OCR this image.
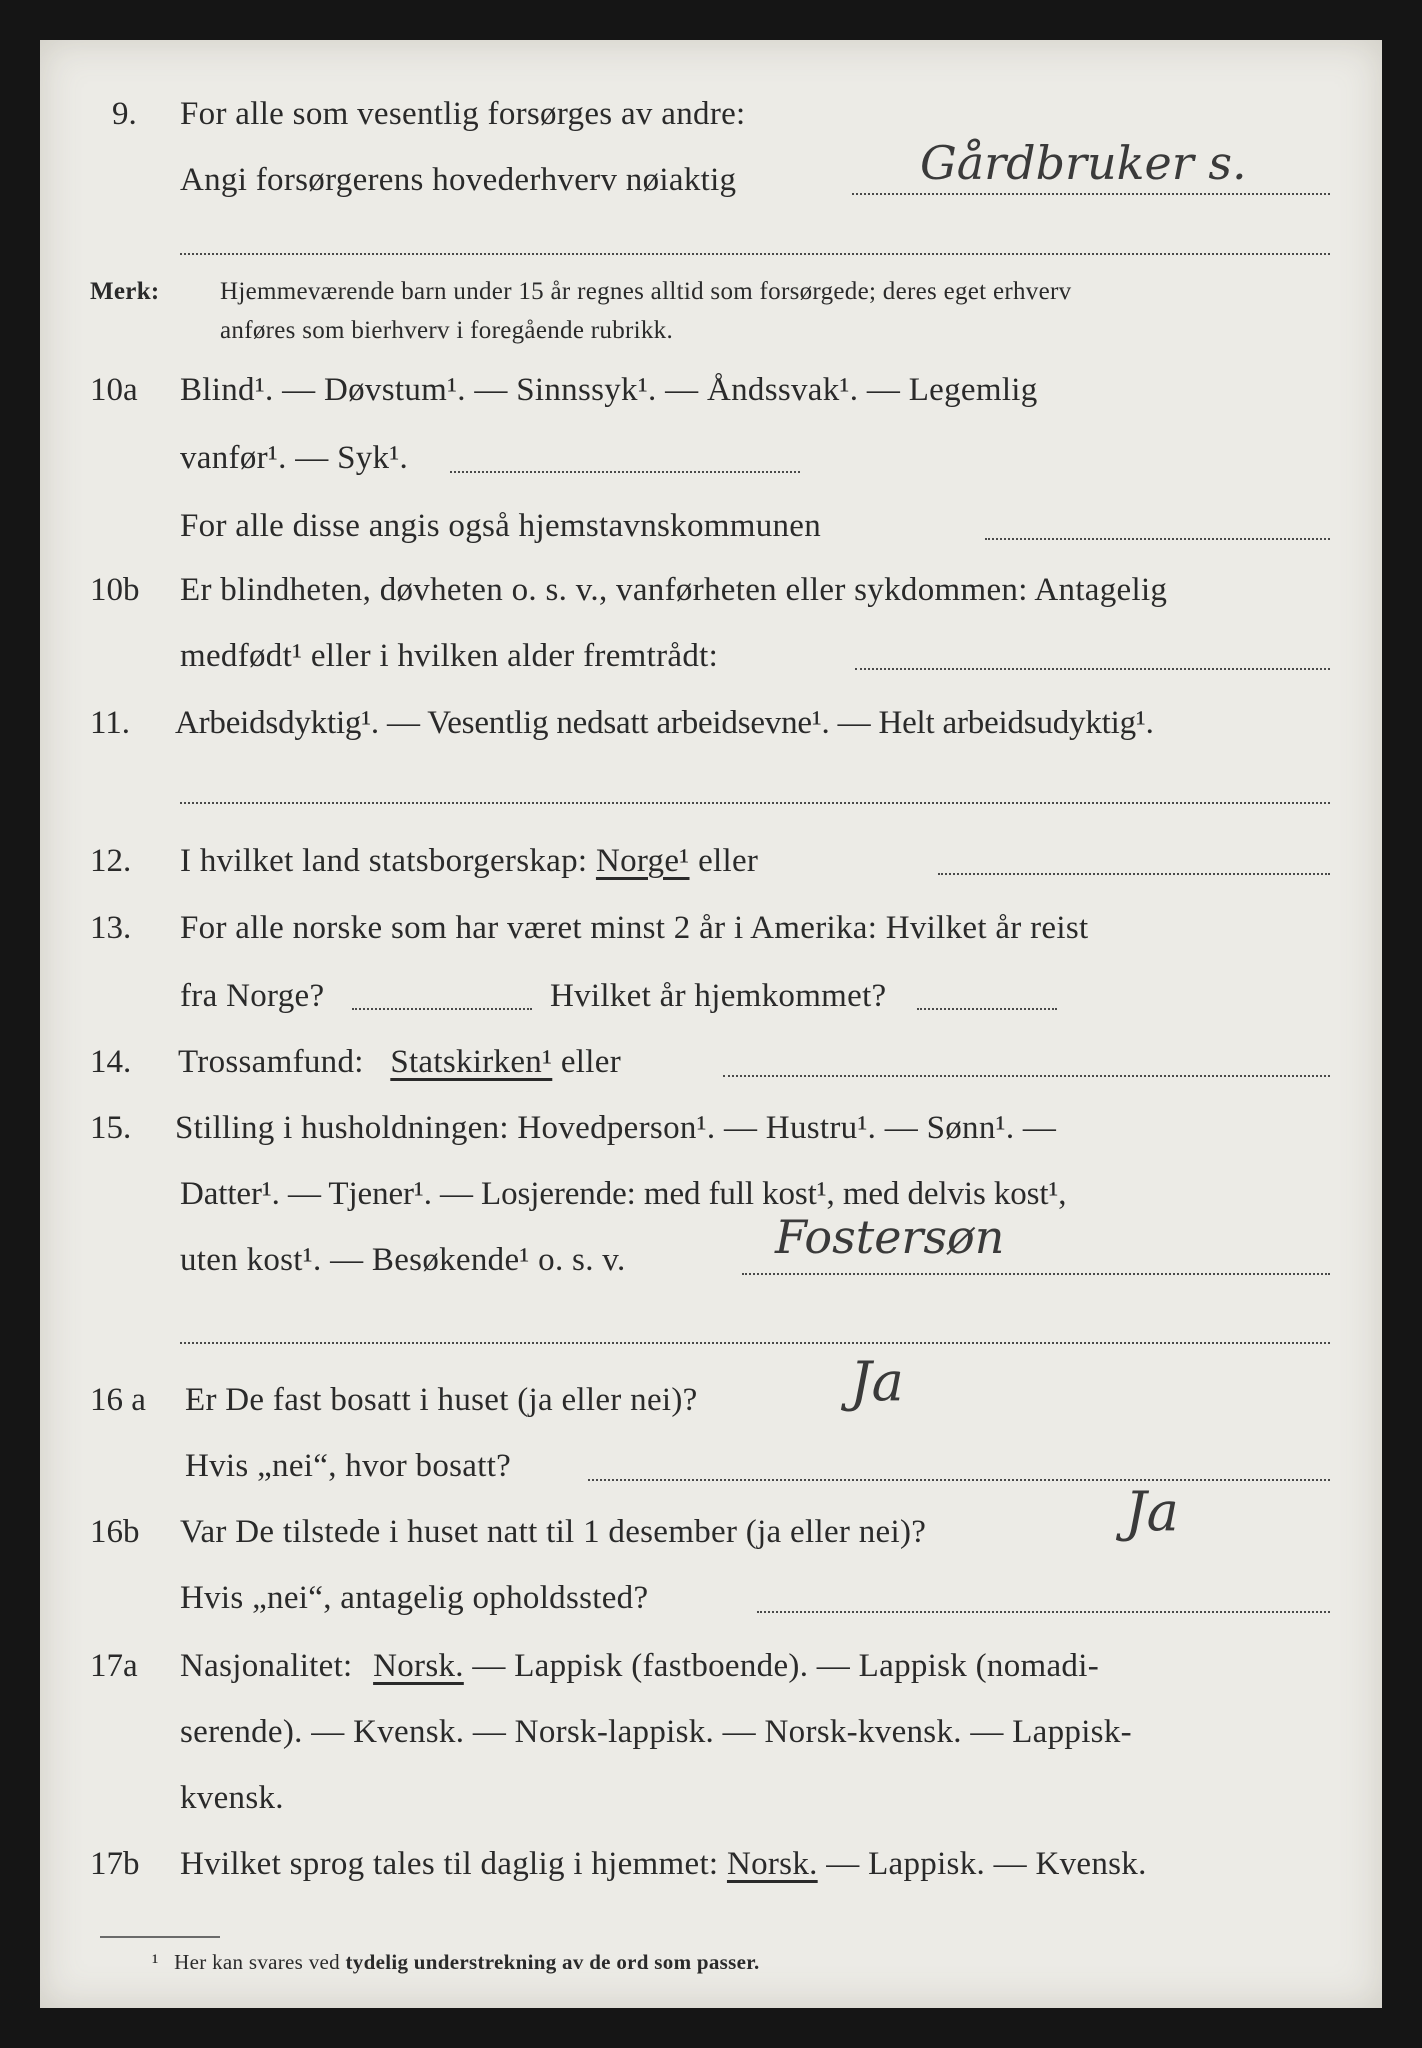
9. For alle som vesentlig forsørges av andre:
Angi forsørgerens hovederhverv nøiaktig	Gårdbruker s.
Merk: Hjemmeværende barn under 15 år regnes alltid som forsørgede; deres eget erhverv
anføres som bierhverv i foregående rubrikk.
10a Blind¹. — Døvstum¹. — Sinnssyk¹. — Åndssvak¹. — Legemlig
vanfør¹. — Syk¹.
For alle disse angis også hjemstavnskommunen
10b Er blindheten, døvheten o. s. v., vanførheten eller sykdommen: Antagelig
medfødt¹ eller i hvilken alder fremtrådt:
11. Arbeidsdyktig¹. — Vesentlig nedsatt arbeidsevne¹. — Helt arbeidsudyktig¹.
12. I hvilket land statsborgerskap: Norge¹ eller
13. For alle norske som har været minst 2 år i Amerika: Hvilket år reist
fra Norge?	Hvilket år hjemkommet?
14. Trossamfund: Statskirken¹ eller
15. Stilling i husholdningen: Hovedperson¹. — Hustru¹. — Sønn¹. —
Datter¹. — Tjener¹. — Losjerende: med full kost¹, med delvis kost¹,
uten kost¹. — Besøkende¹ o. s. v.	Fostersøn
16 a Er De fast bosatt i huset (ja eller nei)?	Ja
Hvis „nei“, hvor bosatt?
16b Var De tilstede i huset natt til 1 desember (ja eller nei)?	Ja
Hvis „nei“, antagelig opholdssted?
17a Nasjonalitet: Norsk. — Lappisk (fastboende). — Lappisk (nomadi-
serende). — Kvensk. — Norsk-lappisk. — Norsk-kvensk. — Lappisk-
kvensk.
17b Hvilket sprog tales til daglig i hjemmet: Norsk. — Lappisk. — Kvensk.
¹ Her kan svares ved tydelig understrekning av de ord som passer.
